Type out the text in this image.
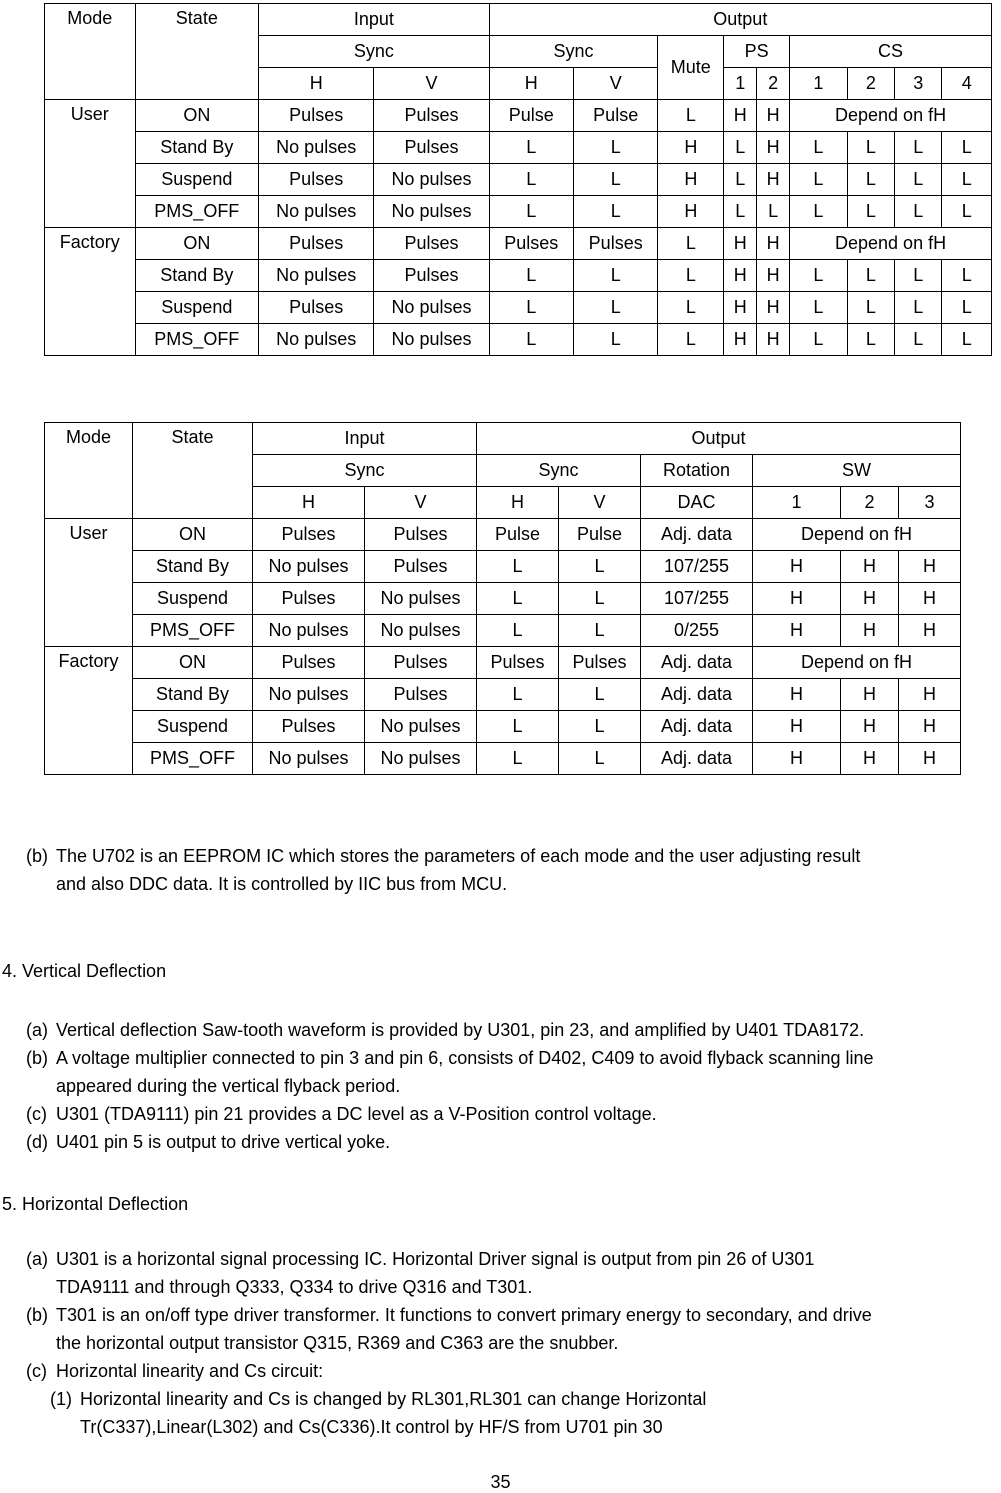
Mode	State	Input		Output								
		Sync		Sync		Mute	PS		CS			
		H	V	H	V		1	2	1	2	3	4
User	ON	Pulses	Pulses	Pulse	Pulse	L	H	H	Depend on fH			
	Stand By	No pulses	Pulses	L	L	H	L	H	L	L	L	L
	Suspend	Pulses	No pulses	L	L	H	L	H	L	L	L	L
	PMS_OFF	No pulses	No pulses	L	L	H	L	L	L	L	L	L
Factory	ON	Pulses	Pulses	Pulses	Pulses	L	H	H	Depend on fH			
	Stand By	No pulses	Pulses	L	L	L	H	H	L	L	L	L
	Suspend	Pulses	No pulses	L	L	L	H	H	L	L	L	L
	PMS_OFF	No pulses	No pulses	L	L	L	H	H	L	L	L	L
Mode	State	Input		Output					
		Sync		Sync		Rotation	SW		
		H	V	H	V	DAC	1	2	3
User	ON	Pulses	Pulses	Pulse	Pulse	Adj. data	Depend on fH		
	Stand By	No pulses	Pulses	L	L	107/255	H	H	H
	Suspend	Pulses	No pulses	L	L	107/255	H	H	H
	PMS_OFF	No pulses	No pulses	L	L	0/255	H	H	H
Factory	ON	Pulses	Pulses	Pulses	Pulses	Adj. data	Depend on fH		
	Stand By	No pulses	Pulses	L	L	Adj. data	H	H	H
	Suspend	Pulses	No pulses	L	L	Adj. data	H	H	H
	PMS_OFF	No pulses	No pulses	L	L	Adj. data	H	H	H
(b) The U702 is an EEPROM IC which stores the parameters of each mode and the user adjusting result
and also DDC data. It is controlled by IIC bus from MCU.
4. Vertical Deflection
(a) Vertical deflection Saw-tooth waveform is provided by U301, pin 23, and amplified by U401 TDA8172.
(b) A voltage multiplier connected to pin 3 and pin 6, consists of D402, C409 to avoid flyback scanning line
appeared during the vertical flyback period.
(c) U301 (TDA9111) pin 21 provides a DC level as a V-Position control voltage.
(d) U401 pin 5 is output to drive vertical yoke.
5. Horizontal Deflection
(a) U301 is a horizontal signal processing IC. Horizontal Driver signal is output from pin 26 of U301
TDA9111 and through Q333, Q334 to drive Q316 and T301.
(b) T301 is an on/off type driver transformer. It functions to convert primary energy to secondary, and drive
the horizontal output transistor Q315, R369 and C363 are the snubber.
(c) Horizontal linearity and Cs circuit:
(1) Horizontal linearity and Cs is changed by RL301,RL301 can change Horizontal
Tr(C337),Linear(L302) and Cs(C336).It control by HF/S from U701 pin 30
35
